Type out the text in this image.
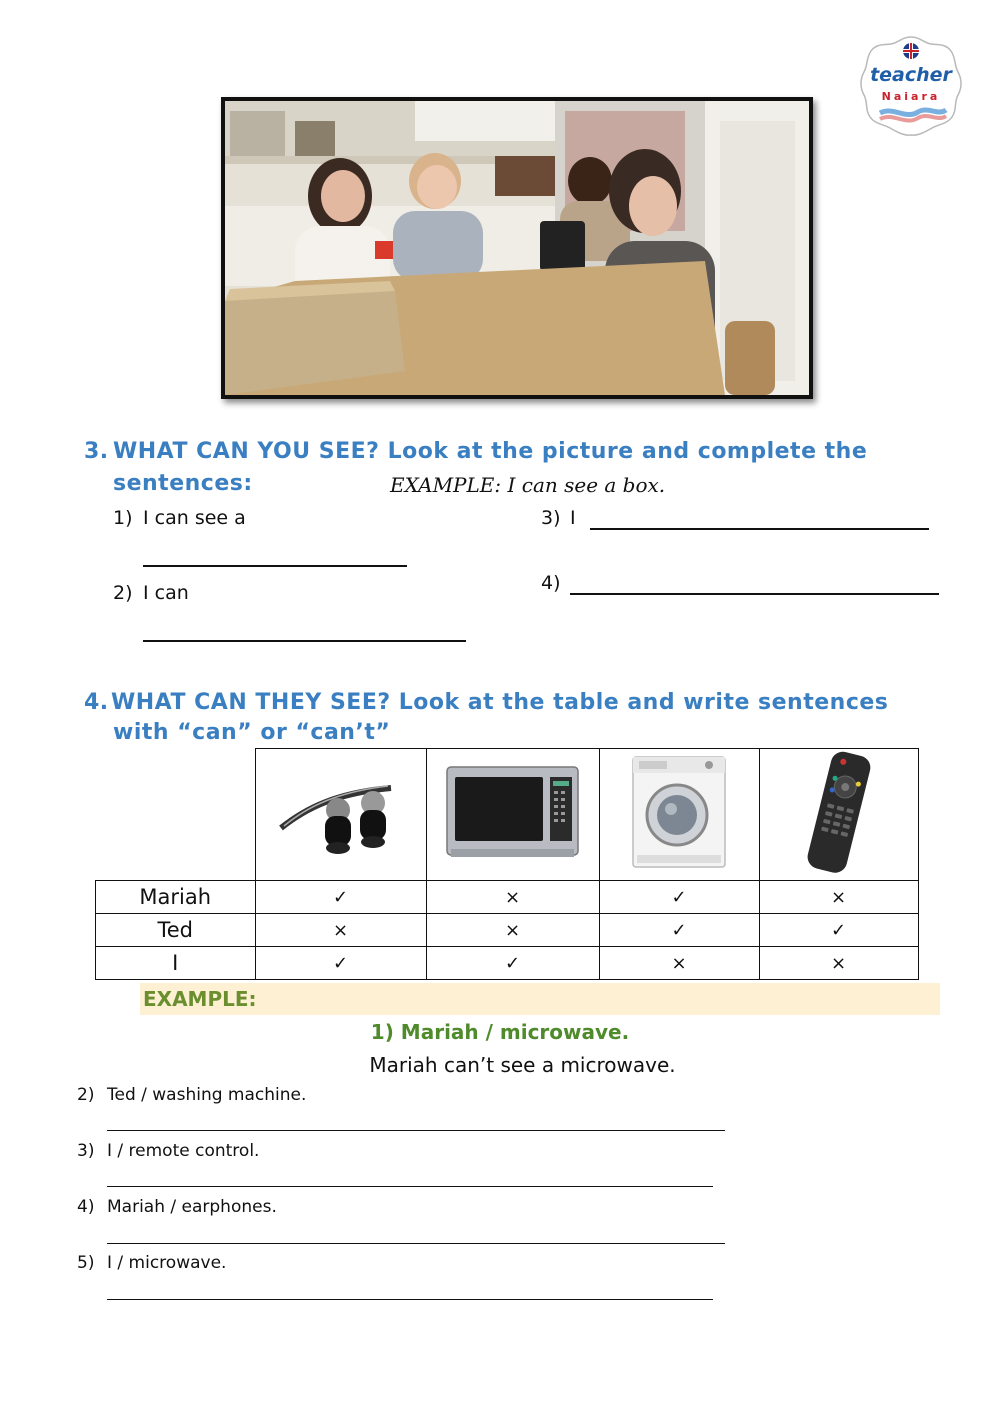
teacher
Naiara
3. WHAT CAN YOU SEE? Look at the picture and complete the
sentences:	EXAMPLE: I can see a box.
1) I can see a
2) I can
3) I
4)
4. WHAT CAN THEY SEE? Look at the table and write sentences
with “can” or “can’t”

Mariah	✓	×	✓	×
Ted	×	×	✓	✓
I	✓	✓	×	×
EXAMPLE:
1) Mariah / microwave.
Mariah can’t see a microwave.
2) Ted / washing machine.
3) I / remote control.
4) Mariah / earphones.
5) I / microwave.
